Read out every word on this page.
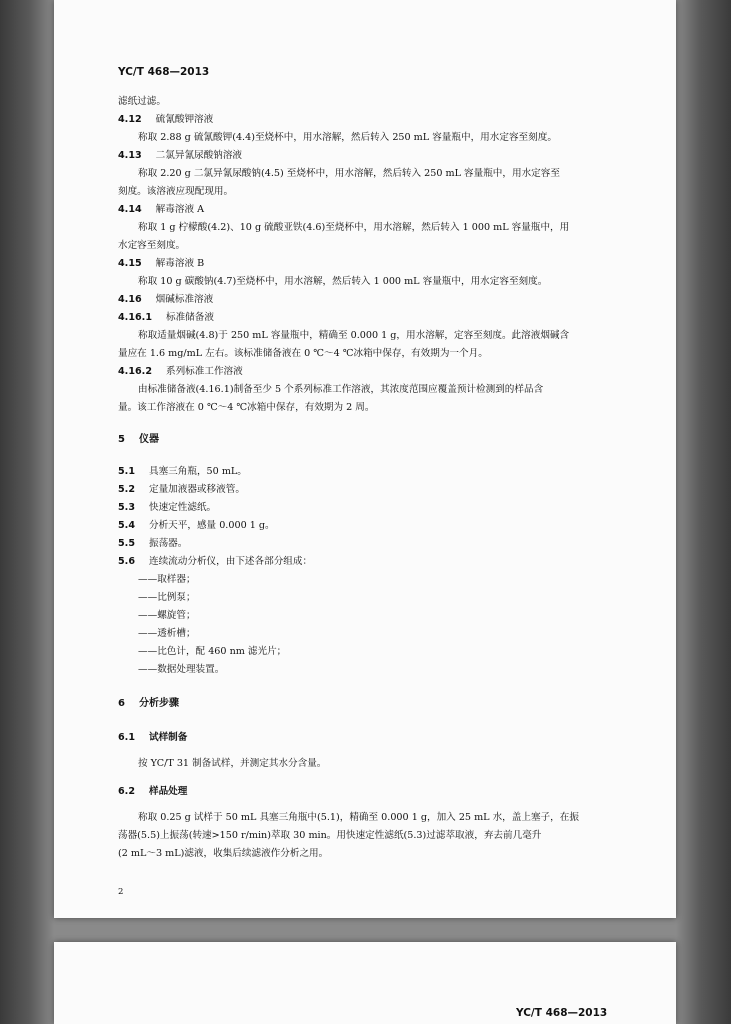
YC/T 468—2013
滤纸过滤。
4.12 硫氰酸钾溶液
称取 2.88 g 硫氰酸钾(4.4)至烧杯中，用水溶解，然后转入 250 mL 容量瓶中，用水定容至刻度。
4.13 二氯异氰尿酸钠溶液
称取 2.20 g 二氯异氰尿酸钠(4.5) 至烧杯中，用水溶解，然后转入 250 mL 容量瓶中，用水定容至
刻度。该溶液应现配现用。
4.14 解毒溶液 A
称取 1 g 柠檬酸(4.2)、10 g 硫酸亚铁(4.6)至烧杯中，用水溶解，然后转入 1 000 mL 容量瓶中，用
水定容至刻度。
4.15 解毒溶液 B
称取 10 g 碳酸钠(4.7)至烧杯中，用水溶解，然后转入 1 000 mL 容量瓶中，用水定容至刻度。
4.16 烟碱标准溶液
4.16.1 标准储备液
称取适量烟碱(4.8)于 250 mL 容量瓶中，精确至 0.000 1 g，用水溶解，定容至刻度。此溶液烟碱含
量应在 1.6 mg/mL 左右。该标准储备液在 0 ℃～4 ℃冰箱中保存，有效期为一个月。
4.16.2 系列标准工作溶液
由标准储备液(4.16.1)制备至少 5 个系列标准工作溶液，其浓度范围应覆盖预计检测到的样品含
量。该工作溶液在 0 ℃～4 ℃冰箱中保存，有效期为 2 周。
5 仪器
5.1 具塞三角瓶，50 mL。
5.2 定量加液器或移液管。
5.3 快速定性滤纸。
5.4 分析天平，感量 0.000 1 g。
5.5 振荡器。
5.6 连续流动分析仪，由下述各部分组成：
——取样器；
——比例泵；
——螺旋管；
——透析槽；
——比色计，配 460 nm 滤光片；
——数据处理装置。
6 分析步骤
6.1 试样制备
按 YC/T 31 制备试样，并测定其水分含量。
6.2 样品处理
称取 0.25 g 试样于 50 mL 具塞三角瓶中(5.1)，精确至 0.000 1 g，加入 25 mL 水，盖上塞子，在振
荡器(5.5)上振荡(转速>150 r/min)萃取 30 min。用快速定性滤纸(5.3)过滤萃取液，弃去前几毫升
(2 mL～3 mL)滤液，收集后续滤液作分析之用。
2
YC/T 468—2013
